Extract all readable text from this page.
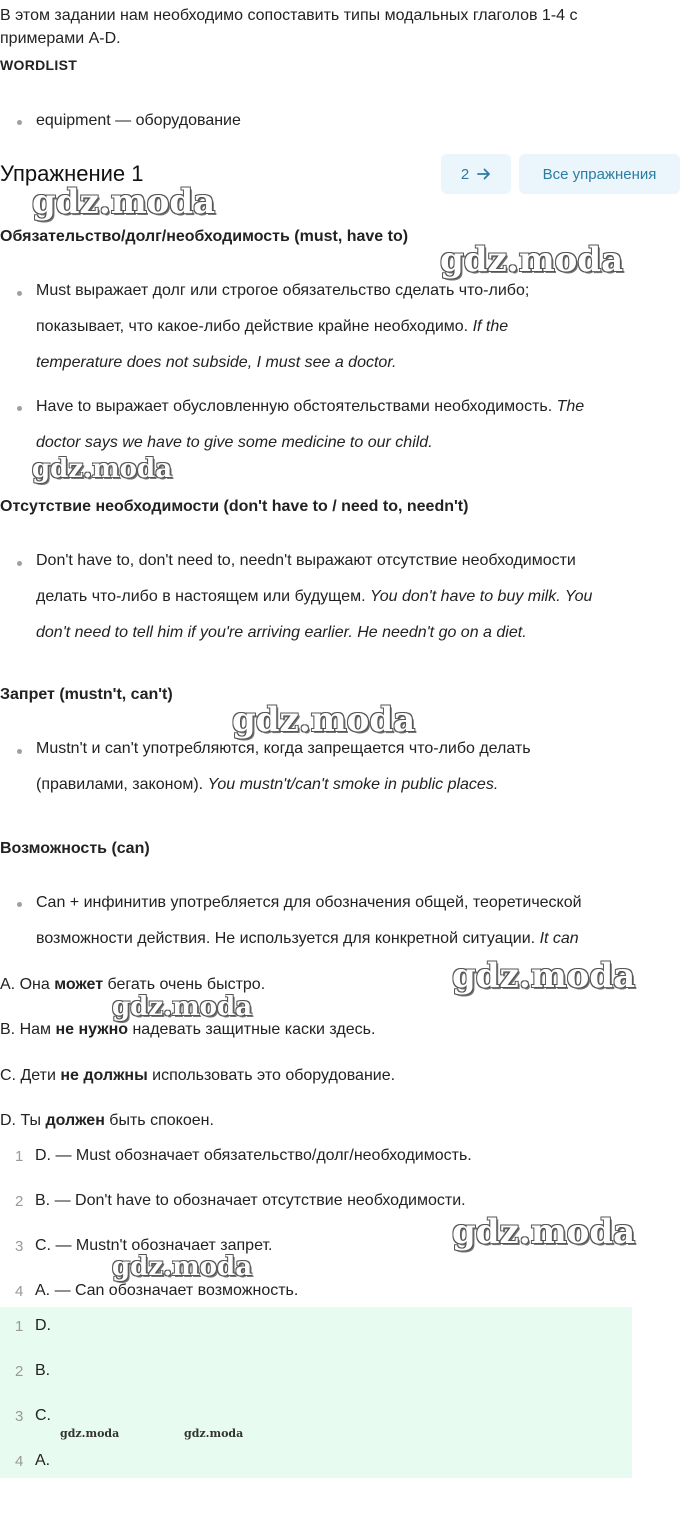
В этом задании нам необходимо сопоставить типы модальных глаголов 1-4 с
примерами A-D.
WORDLIST
equipment — оборудование
Упражнение 1	2	Все упражнения
gdz.moda
gdz.moda
gdz.moda
gdz.moda
gdz.moda
gdz.moda
gdz.moda
gdz.moda
Обязательство/долг/необходимость (must, have to)
Must выражает долг или строгое обязательство сделать что-либо;
показывает, что какое-либо действие крайне необходимо. If the
temperature does not subside, I must see a doctor.
Have to выражает обусловленную обстоятельствами необходимость. The
doctor says we have to give some medicine to our child.
Отсутствие необходимости (don't have to / need to, needn't)
Don't have to, don't need to, needn't выражают отсутствие необходимости
делать что-либо в настоящем или будущем. You don't have to buy milk. You
don't need to tell him if you're arriving earlier. He needn't go on a diet.
Запрет (mustn't, can't)
Mustn't и can't употребляются, когда запрещается что-либо делать
(правилами, законом). You mustn't/can't smoke in public places.
Возможность (can)
Can + инфинитив употребляется для обозначения общей, теоретической
возможности действия. Не используется для конкретной ситуации. It can
A. Она может бегать очень быстро.
B. Нам не нужно надевать защитные каски здесь.
C. Дети не должны использовать это оборудование.
D. Ты должен быть спокоен.
1 D. — Must обозначает обязательство/долг/необходимость.
2 B. — Don't have to обозначает отсутствие необходимости.
3 C. — Mustn't обозначает запрет.
4 A. — Can обозначает возможность.
1 D.
2 B.
3 C.
4 A.
gdz.moda	gdz.moda
